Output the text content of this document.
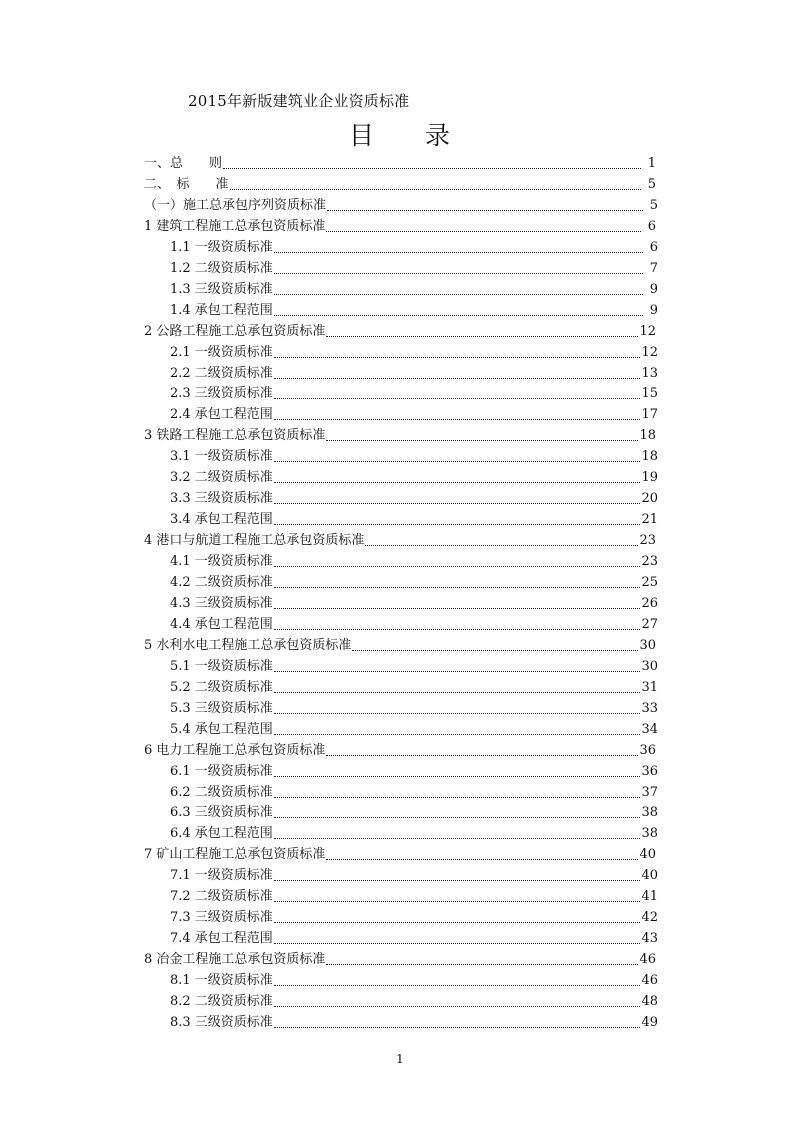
2015年新版建筑业企业资质标准
目 录
一、总　　则	1
二、　标　　准	5
（一）施工总承包序列资质标准	5
1 建筑工程施工总承包资质标准	6
1.1 一级资质标准	6
1.2 二级资质标准	7
1.3 三级资质标准	9
1.4 承包工程范围	9
2 公路工程施工总承包资质标准	12
2.1 一级资质标准	12
2.2 二级资质标准	13
2.3 三级资质标准	15
2.4 承包工程范围	17
3 铁路工程施工总承包资质标准	18
3.1 一级资质标准	18
3.2 二级资质标准	19
3.3 三级资质标准	20
3.4 承包工程范围	21
4 港口与航道工程施工总承包资质标准	23
4.1 一级资质标准	23
4.2 二级资质标准	25
4.3 三级资质标准	26
4.4 承包工程范围	27
5 水利水电工程施工总承包资质标准	30
5.1 一级资质标准	30
5.2 二级资质标准	31
5.3 三级资质标准	33
5.4 承包工程范围	34
6 电力工程施工总承包资质标准	36
6.1 一级资质标准	36
6.2 二级资质标准	37
6.3 三级资质标准	38
6.4 承包工程范围	38
7 矿山工程施工总承包资质标准	40
7.1 一级资质标准	40
7.2 二级资质标准	41
7.3 三级资质标准	42
7.4 承包工程范围	43
8 冶金工程施工总承包资质标准	46
8.1 一级资质标准	46
8.2 二级资质标准	48
8.3 三级资质标准	49
1
